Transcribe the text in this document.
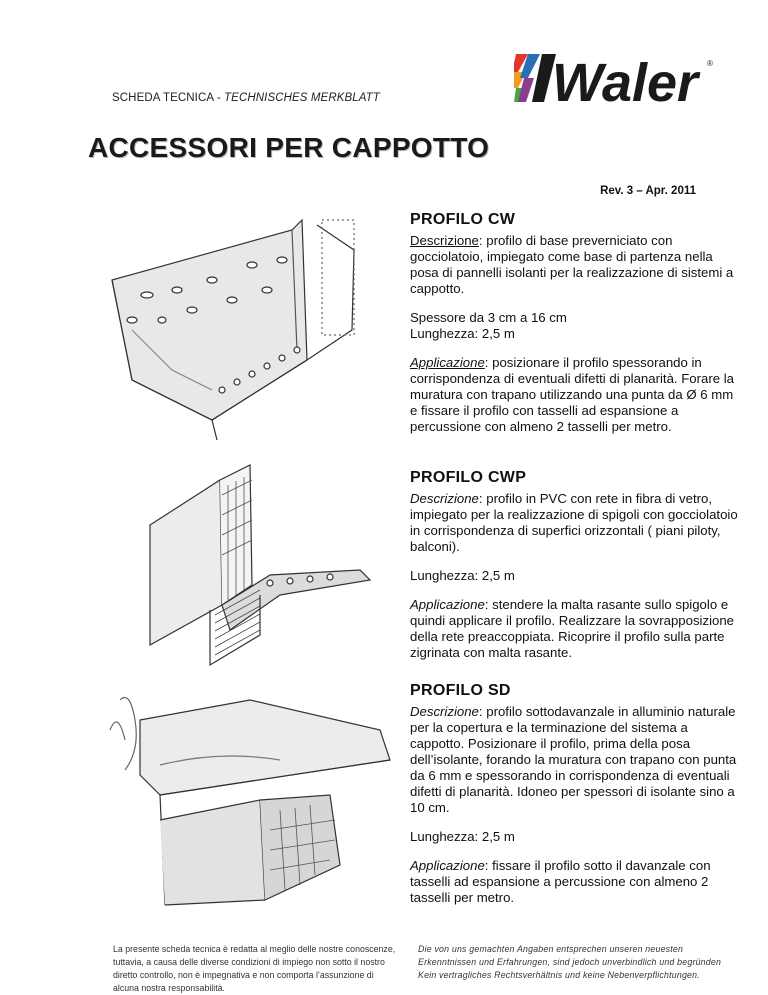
SCHEDA TECNICA - TECHNISCHES MERKBLATT	Waler	®
ACCESSORI PER CAPPOTTO
Rev. 3 – Apr. 2011
PROFILO CW

Descrizione: profilo di base preverniciato con gocciolatoio, impiegato come base di partenza nella posa di pannelli isolanti per la realizzazione di sistemi a cappotto.

Spessore da 3 cm a 16 cm
Lunghezza: 2,5 m

Applicazione: posizionare il profilo spessorando in corrispondenza di eventuali difetti di planarità. Forare la muratura con trapano utilizzando una punta da Ø 6 mm e fissare il profilo con tasselli ad espansione a percussione con almeno 2 tasselli per metro.

PROFILO CWP

Descrizione: profilo in PVC con rete in fibra di vetro, impiegato per la realizzazione di spigoli con gocciolatoio in corrispondenza di superfici orizzontali ( piani piloty, balconi).

Lunghezza: 2,5 m

Applicazione: stendere la malta rasante sullo spigolo e quindi applicare il profilo. Realizzare la sovrapposizione della rete preaccoppiata. Ricoprire il profilo sulla parte zigrinata con malta rasante.

PROFILO SD

Descrizione: profilo sottodavanzale in alluminio naturale per la copertura e la terminazione del sistema a cappotto. Posizionare il profilo, prima della posa dell’isolante, forando la muratura con trapano con punta da 6 mm e spessorando in corrispondenza di eventuali difetti di planarità. Idoneo per spessori di isolante sino a 10 cm.

Lunghezza: 2,5 m

Applicazione: fissare il profilo sotto il davanzale con tasselli ad espansione a percussione con almeno 2 tasselli per metro.

La presente scheda tecnica è redatta al meglio delle nostre conoscenze, tuttavia, a causa delle diverse condizioni di impiego non sotto il nostro diretto controllo, non è impegnativa e non comporta l’assunzione di alcuna nostra responsabilità.
Die von uns gemachten Angaben entsprechen unseren neuesten Erkenntnissen und Erfahrungen, sind jedoch unverbindlich und begründen Kein vertragliches Rechtsverhältnis und keine Nebenverpflichtungen.
